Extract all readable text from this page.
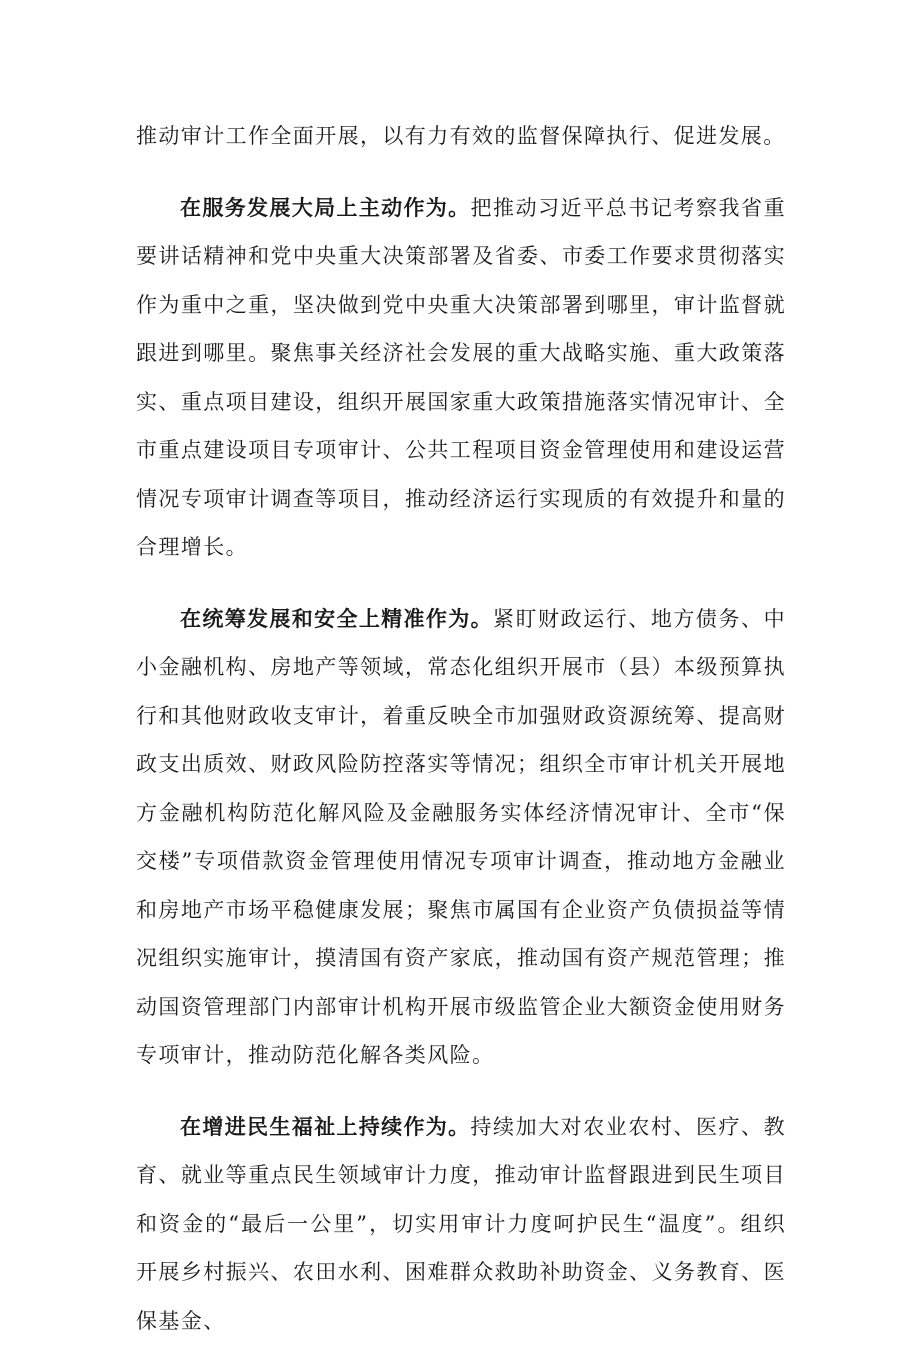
推动审计工作全面开展，以有力有效的监督保障执行、促进发展。

在服务发展大局上主动作为。把推动习近平总书记考察我省重要讲话精神和党中央重大决策部署及省委、市委工作要求贯彻落实作为重中之重，坚决做到党中央重大决策部署到哪里，审计监督就跟进到哪里。聚焦事关经济社会发展的重大战略实施、重大政策落实、重点项目建设，组织开展国家重大政策措施落实情况审计、全市重点建设项目专项审计、公共工程项目资金管理使用和建设运营情况专项审计调查等项目，推动经济运行实现质的有效提升和量的合理增长。

在统筹发展和安全上精准作为。紧盯财政运行、地方债务、中小金融机构、房地产等领域，常态化组织开展市（县）本级预算执行和其他财政收支审计，着重反映全市加强财政资源统筹、提高财政支出质效、财政风险防控落实等情况；组织全市审计机关开展地方金融机构防范化解风险及金融服务实体经济情况审计、全市“保交楼”专项借款资金管理使用情况专项审计调查，推动地方金融业和房地产市场平稳健康发展；聚焦市属国有企业资产负债损益等情况组织实施审计，摸清国有资产家底，推动国有资产规范管理；推动国资管理部门内部审计机构开展市级监管企业大额资金使用财务专项审计，推动防范化解各类风险。

在增进民生福祉上持续作为。持续加大对农业农村、医疗、教育、就业等重点民生领域审计力度，推动审计监督跟进到民生项目和资金的“最后一公里”，切实用审计力度呵护民生“温度”。组织开展乡村振兴、农田水利、困难群众救助补助资金、义务教育、医保基金、
